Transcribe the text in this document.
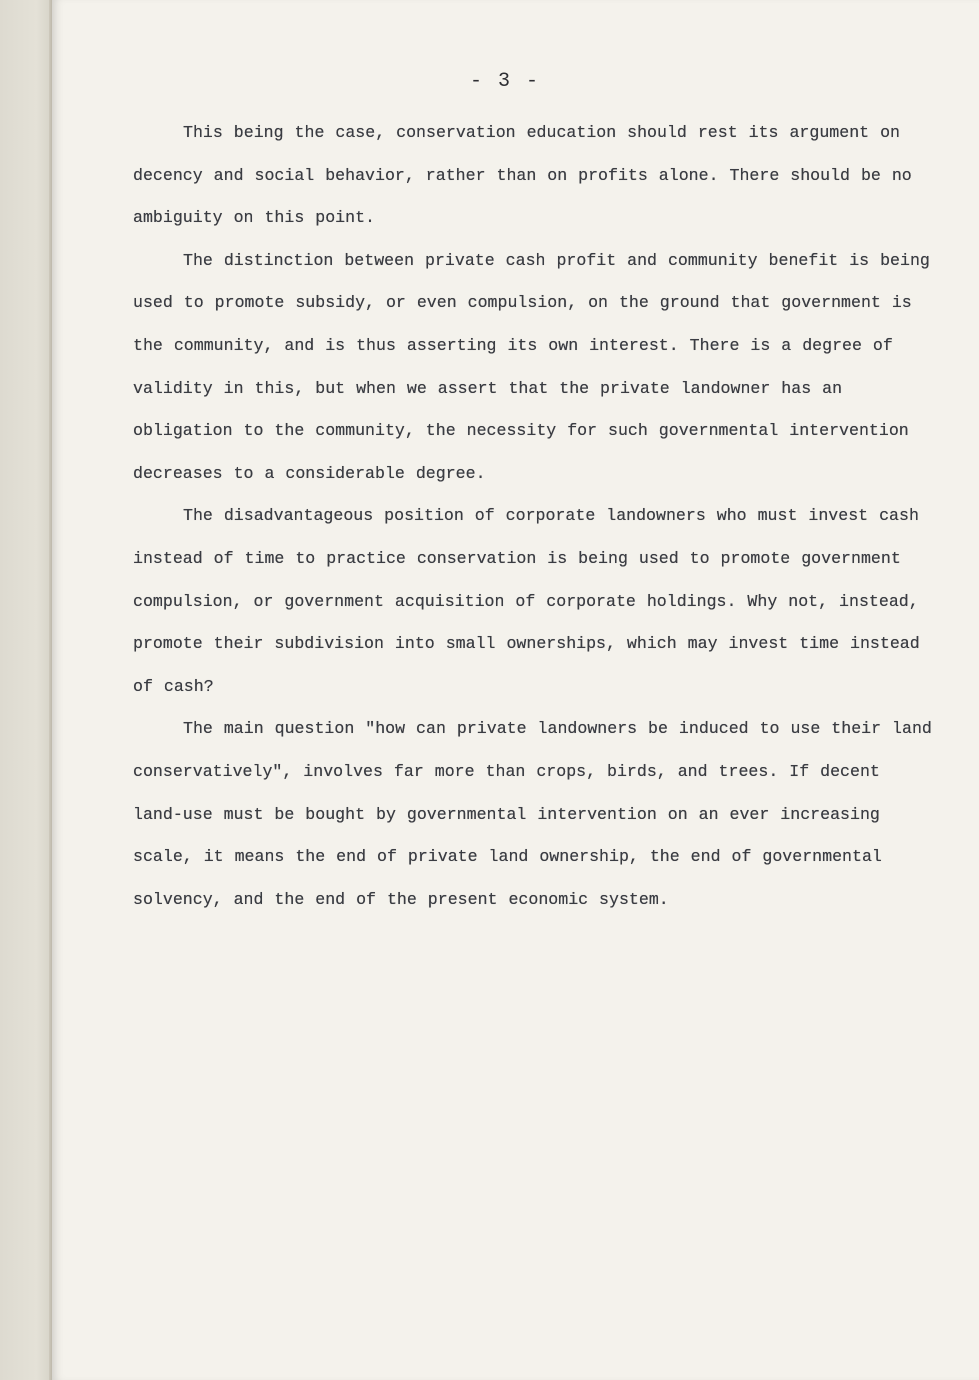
- 3 -

This being the case, conservation education should rest its argument on decency and social behavior, rather than on profits alone. There should be no ambiguity on this point.

The distinction between private cash profit and community benefit is being used to promote subsidy, or even compulsion, on the ground that government is the community, and is thus asserting its own interest. There is a degree of validity in this, but when we assert that the private landowner has an obligation to the community, the necessity for such governmental intervention decreases to a considerable degree.

The disadvantageous position of corporate landowners who must invest cash instead of time to practice conservation is being used to promote government compulsion, or government acquisition of corporate holdings. Why not, instead, promote their subdivision into small ownerships, which may invest time instead of cash?

The main question "how can private landowners be induced to use their land conservatively", involves far more than crops, birds, and trees. If decent land-use must be bought by governmental intervention on an ever increasing scale, it means the end of private land ownership, the end of governmental solvency, and the end of the present economic system.
